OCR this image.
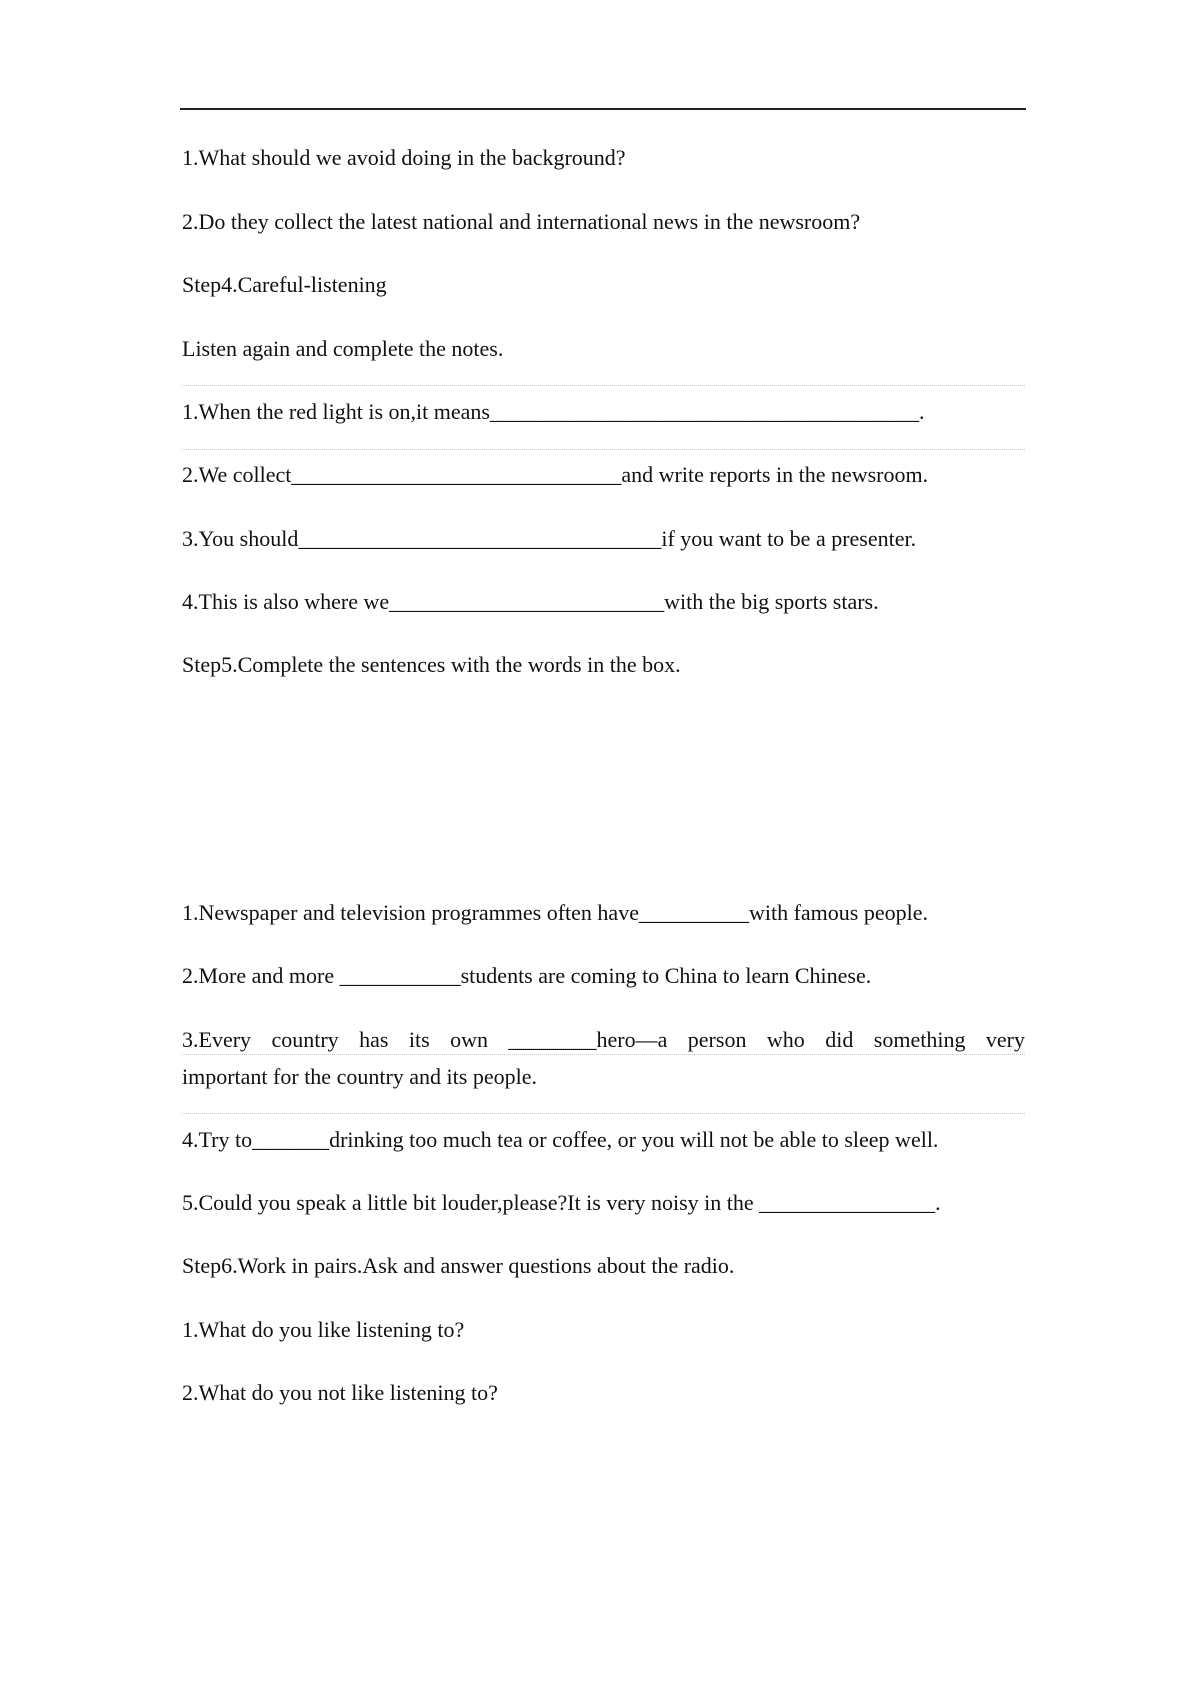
1.What should we avoid doing in the background?
2.Do they collect the latest national and international news in the newsroom?
Step4.Careful-listening
Listen again and complete the notes.
1.When the red light is on,it means_______________________________________.
2.We collect______________________________and write reports in the newsroom.
3.You should_________________________________if you want to be a presenter.
4.This is also where we_________________________with the big sports stars.
Step5.Complete the sentences with the words in the box.
1.Newspaper and television programmes often have__________with famous people.
2.More and more ___________students are coming to China to learn Chinese.
3.Every country has its own ________hero—a person who did something very
important for the country and its people.
4.Try to_______drinking too much tea or coffee, or you will not be able to sleep well.
5.Could you speak a little bit louder,please?It is very noisy in the ________________.
Step6.Work in pairs.Ask and answer questions about the radio.
1.What do you like listening to?
2.What do you not like listening to?
